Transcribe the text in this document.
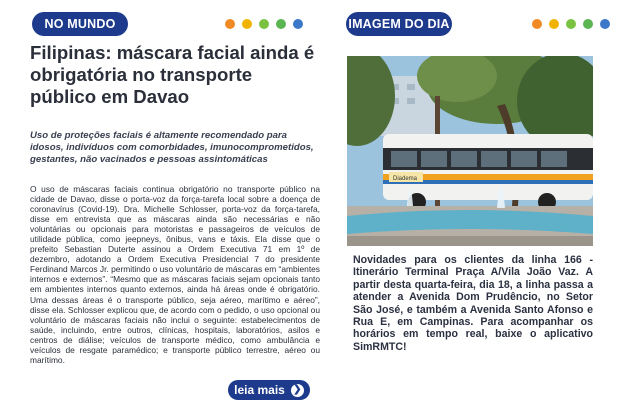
NO MUNDO
Filipinas: máscara facial ainda é obrigatória no transporte público em Davao

Uso de proteções faciais é altamente recomendado para idosos, indivíduos com comorbidades, imunocomprometidos, gestantes, não vacinados e pessoas assintomáticas

O uso de máscaras faciais continua obrigatório no transporte público na cidade de Davao, disse o porta-voz da força-tarefa local sobre a doença de coronavírus (Covid-19). Dra. Michelle Schlosser, porta-voz da força-tarefa, disse em entrevista que as máscaras ainda são necessárias e não voluntárias ou opcionais para motoristas e passageiros de veículos de utilidade pública, como jeepneys, ônibus, vans e táxis. Ela disse que o prefeito Sebastian Duterte assinou a Ordem Executiva 71 em 1º de dezembro, adotando a Ordem Executiva Presidencial 7 do presidente Ferdinand Marcos Jr. permitindo o uso voluntário de máscaras em “ambientes internos e externos”. “Mesmo que as máscaras faciais sejam opcionais tanto em ambientes internos quanto externos, ainda há áreas onde é obrigatório. Uma dessas áreas é o transporte público, seja aéreo, marítimo e aéreo”, disse ela. Schlosser explicou que, de acordo com o pedido, o uso opcional ou voluntário de máscaras faciais não inclui o seguinte: estabelecimentos de saúde, incluindo, entre outros, clínicas, hospitais, laboratórios, asilos e centros de diálise; veículos de transporte médico, como ambulância e veículos de resgate paramédico; e transporte público terrestre, aéreo ou marítimo.

leia mais ❯
IMAGEM DO DIA
Diadema

Novidades para os clientes da linha 166 - Itinerário Terminal Praça A/Vila João Vaz. A partir desta quarta-feira, dia 18, a linha passa a atender a Avenida Dom Prudêncio, no Setor São José, e também a Avenida Santo Afonso e Rua E, em Campinas. Para acompanhar os horários em tempo real, baixe o aplicativo SimRMTC!
